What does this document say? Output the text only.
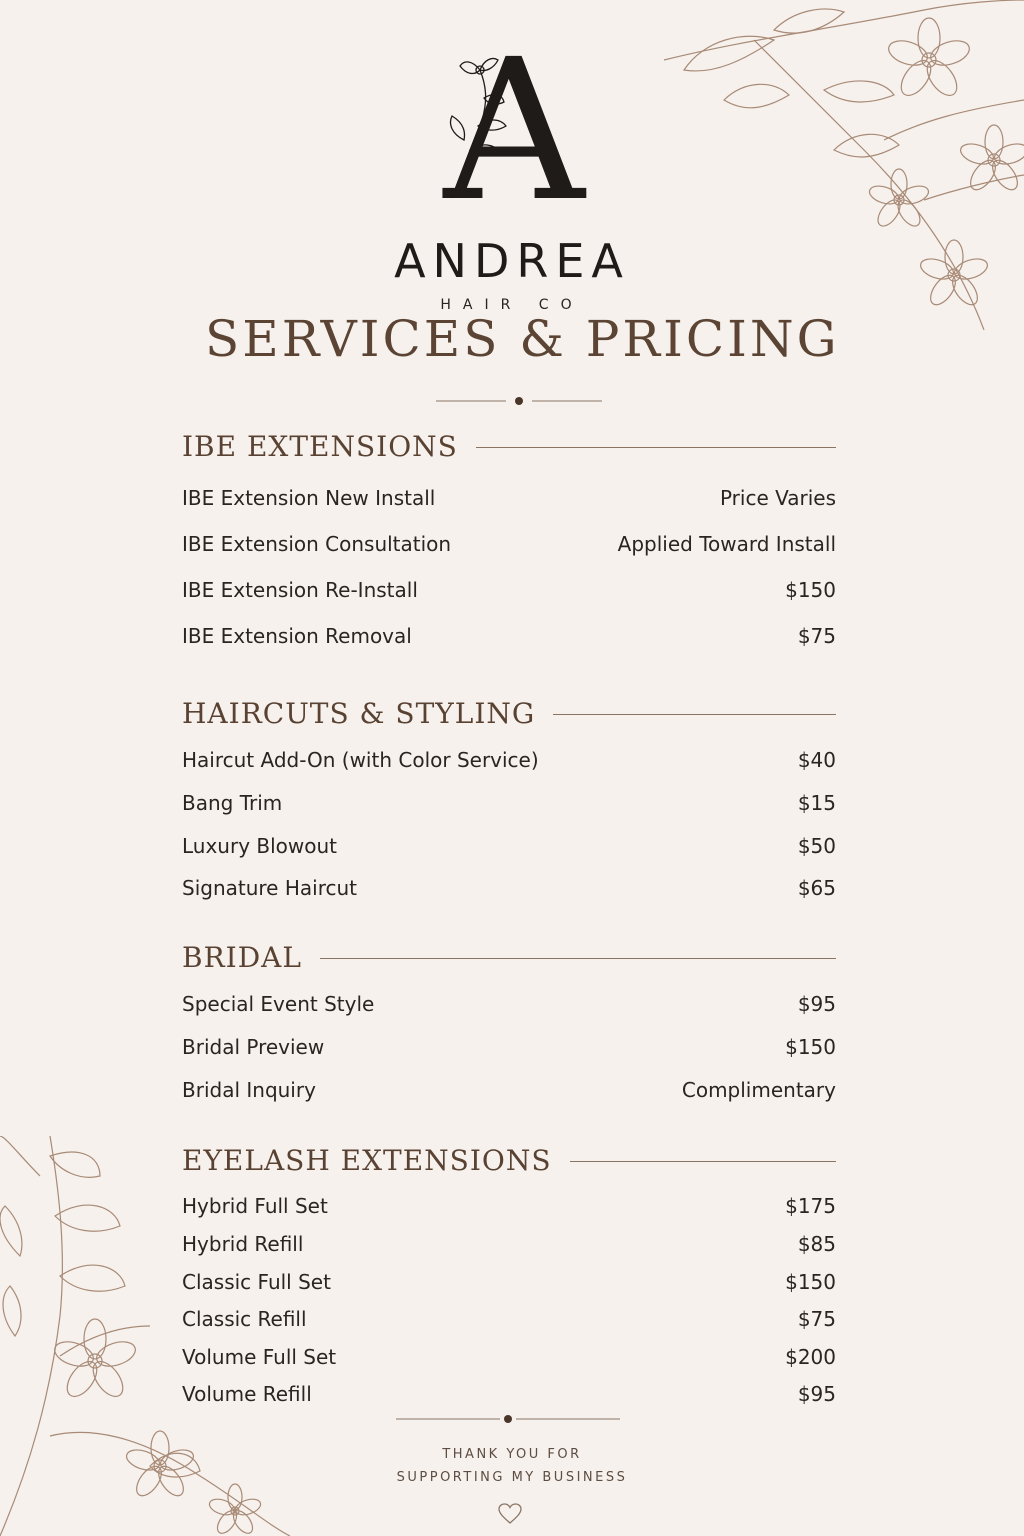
A
ANDREA
HAIR CO
SERVICES & PRICING
IBE EXTENSIONS
IBE Extension New Install	Price Varies
IBE Extension Consultation	Applied Toward Install
IBE Extension Re-Install	$150
IBE Extension Removal	$75
HAIRCUTS & STYLING
Haircut Add-On (with Color Service)	$40
Bang Trim	$15
Luxury Blowout	$50
Signature Haircut	$65
BRIDAL
Special Event Style	$95
Bridal Preview	$150
Bridal Inquiry	Complimentary
EYELASH EXTENSIONS
Hybrid Full Set	$175
Hybrid Refill	$85
Classic Full Set	$150
Classic Refill	$75
Volume Full Set	$200
Volume Refill	$95
THANK YOU FOR
SUPPORTING MY BUSINESS
